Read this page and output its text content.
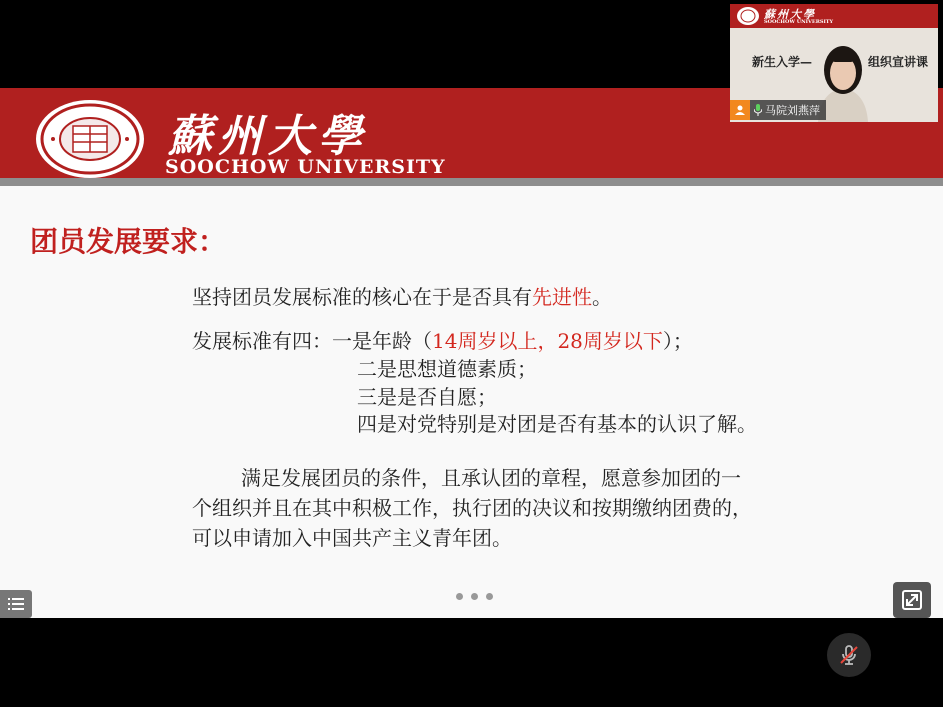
蘇州大學
SOOCHOW UNIVERSITY
团员发展要求：
坚持团员发展标准的核心在于是否具有先进性。
发展标准有四：一是年龄（14周岁以上，28周岁以下）；
二是思想道德素质；
三是是否自愿；
四是对党特别是对团是否有基本的认识了解。
满足发展团员的条件，且承认团的章程，愿意参加团的一
个组织并且在其中积极工作，执行团的决议和按期缴纳团费的，
可以申请加入中国共产主义青年团。
蘇州大學
SOOCHOW UNIVERSITY
新生入学—	组织宣讲课
马院刘燕萍
